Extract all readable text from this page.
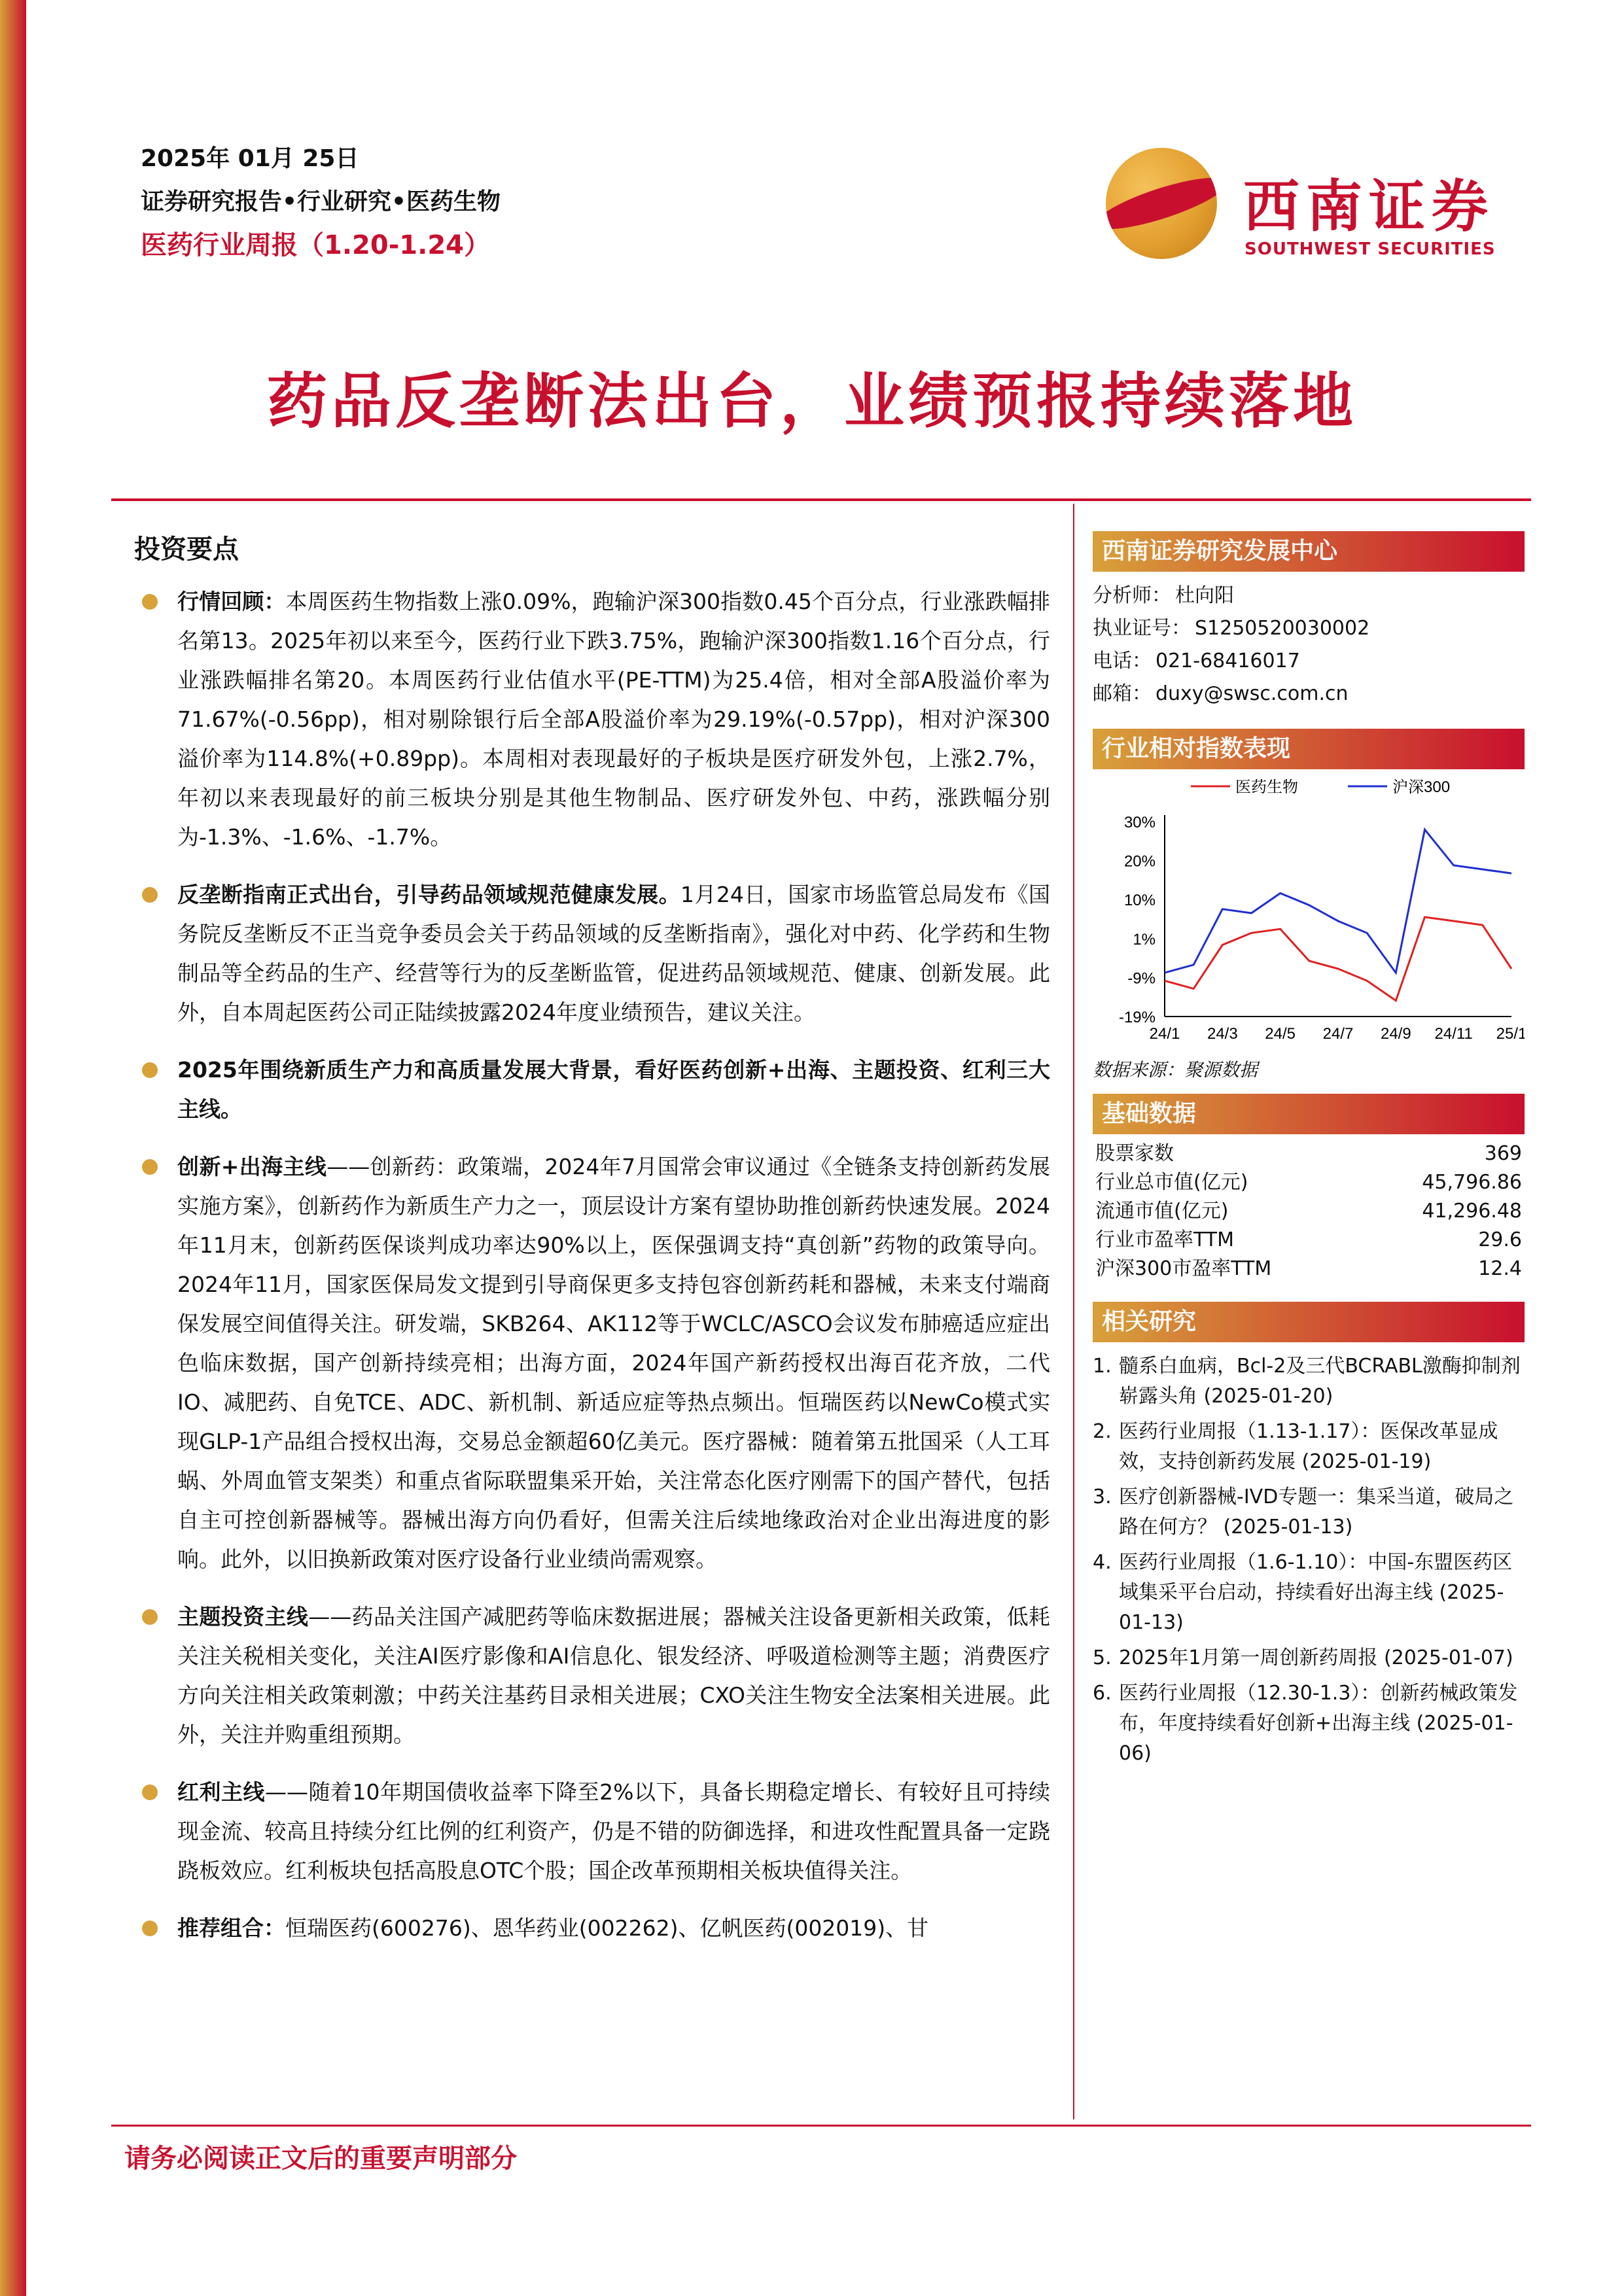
2025年 01月 25日
证券研究报告•行业研究•医药生物
医药行业周报（1.20-1.24）
西南证券
SOUTHWEST SECURITIES
药品反垄断法出台，业绩预报持续落地
投资要点
行情回顾：本周医药生物指数上涨0.09%，跑输沪深300指数0.45个百分点，行业涨跌幅排名第13。2025年初以来至今，医药行业下跌3.75%，跑输沪深300指数1.16个百分点，行业涨跌幅排名第20。本周医药行业估值水平(PE-TTM)为25.4倍，相对全部A股溢价率为71.67%(-0.56pp)，相对剔除银行后全部A股溢价率为29.19%(-0.57pp)，相对沪深300溢价率为114.8%(+0.89pp)。本周相对表现最好的子板块是医疗研发外包，上涨2.7%，年初以来表现最好的前三板块分别是其他生物制品、医疗研发外包、中药，涨跌幅分别为-1.3%、-1.6%、-1.7%。
反垄断指南正式出台，引导药品领域规范健康发展。1月24日，国家市场监管总局发布《国务院反垄断反不正当竞争委员会关于药品领域的反垄断指南》，强化对中药、化学药和生物制品等全药品的生产、经营等行为的反垄断监管，促进药品领域规范、健康、创新发展。此外，自本周起医药公司正陆续披露2024年度业绩预告，建议关注。
2025年围绕新质生产力和高质量发展大背景，看好医药创新+出海、主题投资、红利三大主线。
创新+出海主线——创新药：政策端，2024年7月国常会审议通过《全链条支持创新药发展实施方案》，创新药作为新质生产力之一，顶层设计方案有望协助推创新药快速发展。2024年11月末，创新药医保谈判成功率达90%以上，医保强调支持“真创新”药物的政策导向。2024年11月，国家医保局发文提到引导商保更多支持包容创新药耗和器械，未来支付端商保发展空间值得关注。研发端，SKB264、AK112等于WCLC/ASCO会议发布肺癌适应症出色临床数据，国产创新持续亮相；出海方面，2024年国产新药授权出海百花齐放，二代IO、减肥药、自免TCE、ADC、新机制、新适应症等热点频出。恒瑞医药以NewCo模式实现GLP-1产品组合授权出海，交易总金额超60亿美元。医疗器械：随着第五批国采（人工耳蜗、外周血管支架类）和重点省际联盟集采开始，关注常态化医疗刚需下的国产替代，包括自主可控创新器械等。器械出海方向仍看好，但需关注后续地缘政治对企业出海进度的影响。此外，以旧换新政策对医疗设备行业业绩尚需观察。
主题投资主线——药品关注国产减肥药等临床数据进展；器械关注设备更新相关政策，低耗关注关税相关变化，关注AI医疗影像和AI信息化、银发经济、呼吸道检测等主题；消费医疗方向关注相关政策刺激；中药关注基药目录相关进展；CXO关注生物安全法案相关进展。此外，关注并购重组预期。
红利主线——随着10年期国债收益率下降至2%以下，具备长期稳定增长、有较好且可持续现金流、较高且持续分红比例的红利资产，仍是不错的防御选择，和进攻性配置具备一定跷跷板效应。红利板块包括高股息OTC个股；国企改革预期相关板块值得关注。
推荐组合：恒瑞医药(600276)、恩华药业(002262)、亿帆医药(002019)、甘
西南证券研究发展中心
分析师： 杜向阳
执业证号： S1250520030002
电话： 021-68416017
邮箱： duxy@swsc.com.cn
行业相对指数表现
30%
20%
10%
1%
-9%
-19%
24/1 24/3 24/5 24/7 24/9 24/11 25/1
医药生物	沪深300
数据来源：聚源数据
基础数据
股票家数	369
行业总市值(亿元)	45,796.86
流通市值(亿元)	41,296.48
行业市盈率TTM	29.6
沪深300市盈率TTM	12.4
相关研究
1. 髓系白血病，Bcl-2及三代BCRABL激酶抑制剂崭露头角 (2025-01-20)
2. 医药行业周报（1.13-1.17）：医保改革显成效，支持创新药发展 (2025-01-19)
3. 医疗创新器械-IVD专题一：集采当道，破局之路在何方？ (2025-01-13)
4. 医药行业周报（1.6-1.10）：中国-东盟医药区域集采平台启动，持续看好出海主线 (2025-01-13)
5. 2025年1月第一周创新药周报 (2025-01-07)
6. 医药行业周报（12.30-1.3）：创新药械政策发布，年度持续看好创新+出海主线 (2025-01-06)
请务必阅读正文后的重要声明部分
